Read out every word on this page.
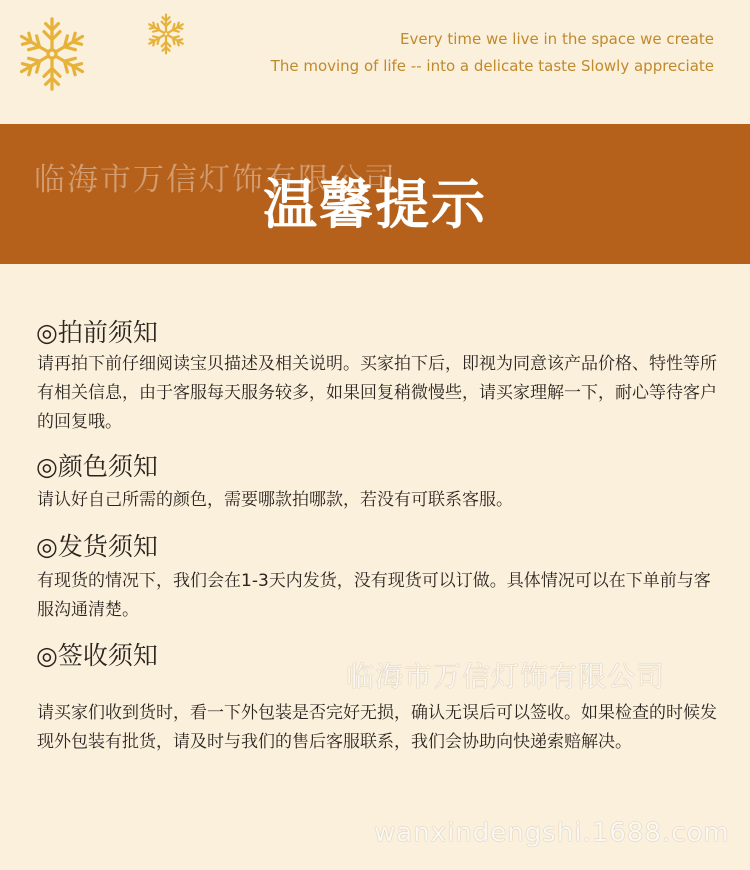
Every time we live in the space we create
The moving of life -- into a delicate taste Slowly appreciate
临海市万信灯饰有限公司
温馨提示
◎拍前须知
请再拍下前仔细阅读宝贝描述及相关说明。买家拍下后，即视为同意该产品价格、特性等所有相关信息，由于客服每天服务较多，如果回复稍微慢些，请买家理解一下，耐心等待客户的回复哦。
◎颜色须知
请认好自己所需的颜色，需要哪款拍哪款，若没有可联系客服。
◎发货须知
有现货的情况下，我们会在1-3天内发货，没有现货可以订做。具体情况可以在下单前与客服沟通清楚。
◎签收须知
请买家们收到货时，看一下外包装是否完好无损，确认无误后可以签收。如果检查的时候发现外包装有批货，请及时与我们的售后客服联系，我们会协助向快递索赔解决。
临海市万信灯饰有限公司
wanxindengshi.1688.com
